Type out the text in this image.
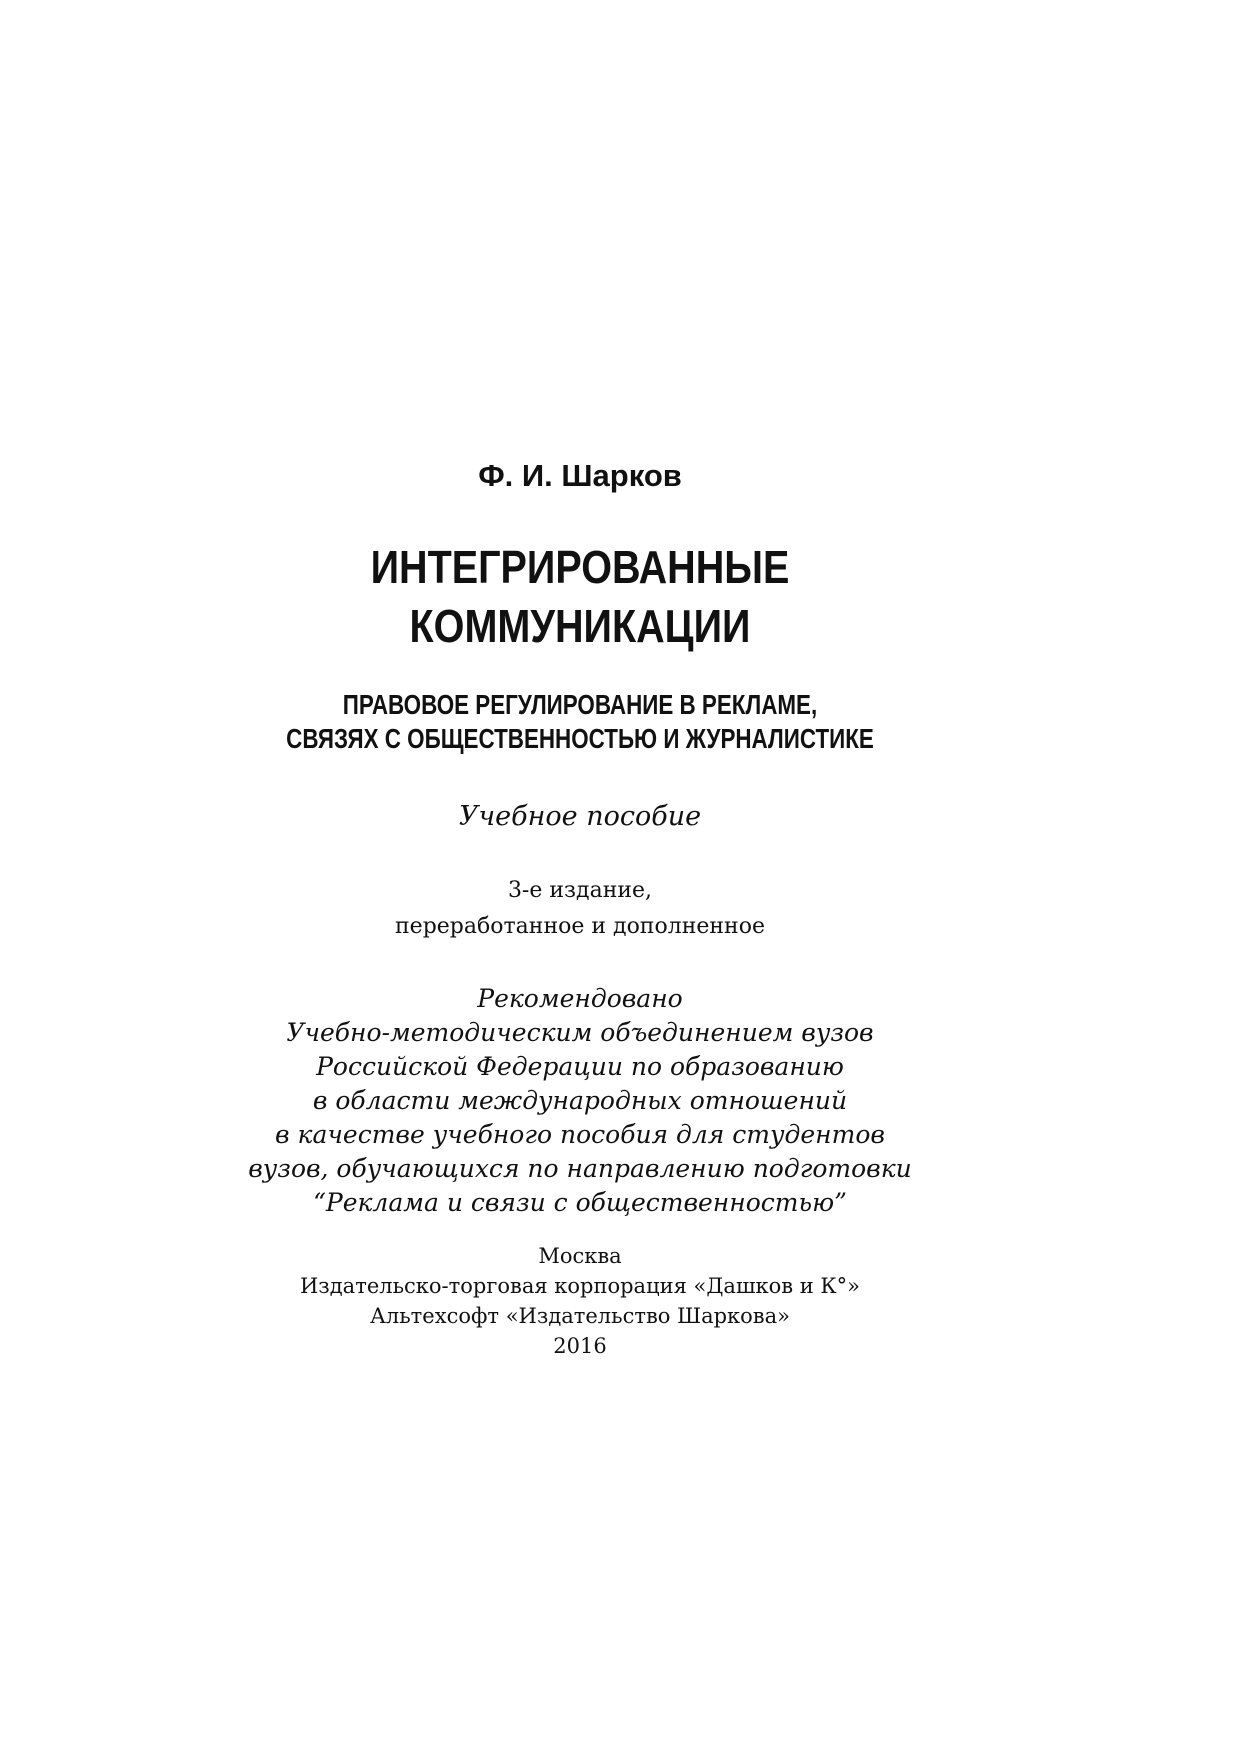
Ф. И. Шарков
ИНТЕГРИРОВАННЫЕ
КОММУНИКАЦИИ
ПРАВОВОЕ РЕГУЛИРОВАНИЕ В РЕКЛАМЕ,
СВЯЗЯХ С ОБЩЕСТВЕННОСТЬЮ И ЖУРНАЛИСТИКЕ
Учебное пособие
3-е издание,
переработанное и дополненное
Рекомендовано
Учебно-методическим объединением вузов
Российской Федерации по образованию
в области международных отношений
в качестве учебного пособия для студентов
вузов, обучающихся по направлению подготовки
“Реклама и связи с общественностью”
Москва
Издательско-торговая корпорация «Дашков и К°»
Альтехсофт «Издательство Шаркова»
2016
